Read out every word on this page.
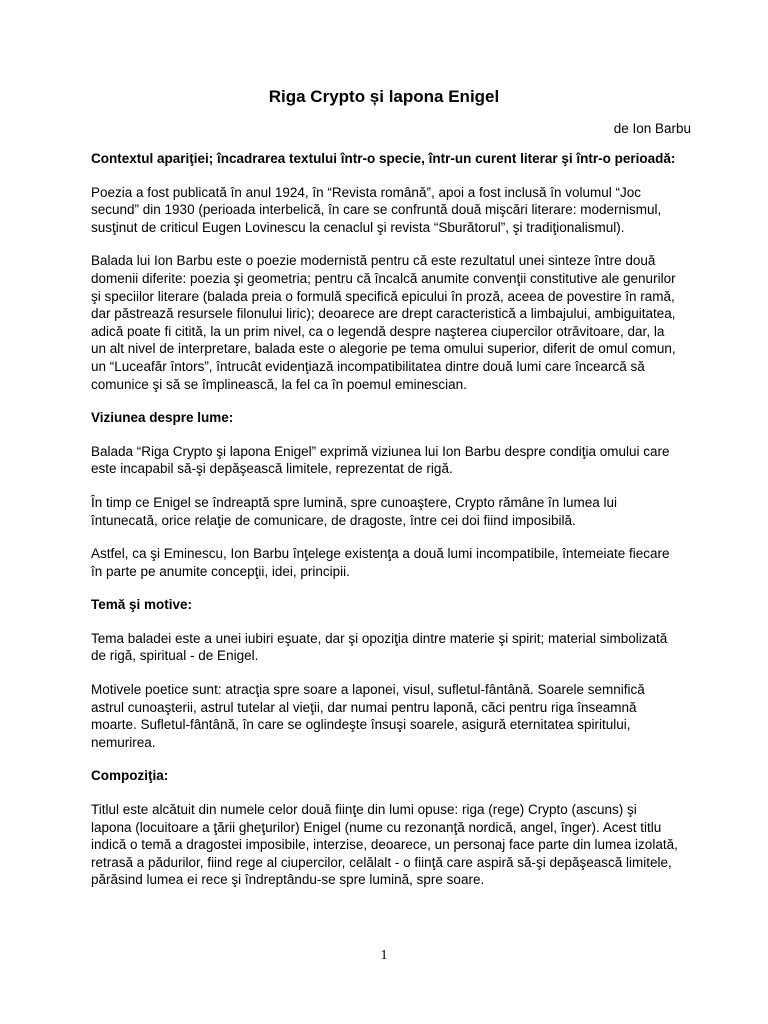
Riga Crypto și lapona Enigel
de Ion Barbu

Contextul apariţiei; încadrarea textului într-o specie, într-un curent literar şi într-o perioadă:

Poezia a fost publicată în anul 1924, în “Revista română”, apoi a fost inclusă în volumul “Joc secund” din 1930 (perioada interbelică, în care se confruntă două mişcări literare: modernismul, susţinut de criticul Eugen Lovinescu la cenaclul şi revista “Sburătorul”, şi tradiţionalismul).

Balada lui Ion Barbu este o poezie modernistă pentru că este rezultatul unei sinteze între două domenii diferite: poezia şi geometria; pentru că încalcă anumite convenţii constitutive ale genurilor şi speciilor literare (balada preia o formulă specifică epicului în proză, aceea de povestire în ramă, dar păstrează resursele filonului liric); deoarece are drept caracteristică a limbajului, ambiguitatea, adică poate fi citită, la un prim nivel, ca o legendă despre naşterea ciupercilor otrăvitoare, dar, la un alt nivel de interpretare, balada este o alegorie pe tema omului superior, diferit de omul comun, un “Luceafăr întors”, întrucât evidenţiază incompatibilitatea dintre două lumi care încearcă să comunice şi să se împlinească, la fel ca în poemul eminescian.

Viziunea despre lume:

Balada “Riga Crypto şi lapona Enigel” exprimă viziunea lui Ion Barbu despre condiţia omului care este incapabil să-şi depăşească limitele, reprezentat de rigă.

În timp ce Enigel se îndreaptă spre lumină, spre cunoaştere, Crypto rămâne în lumea lui întunecată, orice relaţie de comunicare, de dragoste, între cei doi fiind imposibilă.

Astfel, ca şi Eminescu, Ion Barbu înţelege existenţa a două lumi incompatibile, întemeiate fiecare în parte pe anumite concepţii, idei, principii.

Temă şi motive:

Tema baladei este a unei iubiri eşuate, dar şi opoziţia dintre materie şi spirit; material simbolizată de rigă, spiritual - de Enigel.

Motivele poetice sunt: atracţia spre soare a laponei, visul, sufletul-fântână. Soarele semnifică astrul cunoaşterii, astrul tutelar al vieţii, dar numai pentru laponă, căci pentru riga înseamnă moarte. Sufletul-fântână, în care se oglindeşte însuşi soarele, asigură eternitatea spiritului, nemurirea.

Compoziţia:

Titlul este alcătuit din numele celor două fiinţe din lumi opuse: riga (rege) Crypto (ascuns) şi lapona (locuitoare a ţării gheţurilor) Enigel (nume cu rezonanţă nordică, angel, înger). Acest titlu indică o temă a dragostei imposibile, interzise, deoarece, un personaj face parte din lumea izolată, retrasă a pădurilor, fiind rege al ciupercilor, celălalt - o fiinţă care aspiră să-şi depăşească limitele, părăsind lumea ei rece şi îndreptându-se spre lumină, spre soare.

1
